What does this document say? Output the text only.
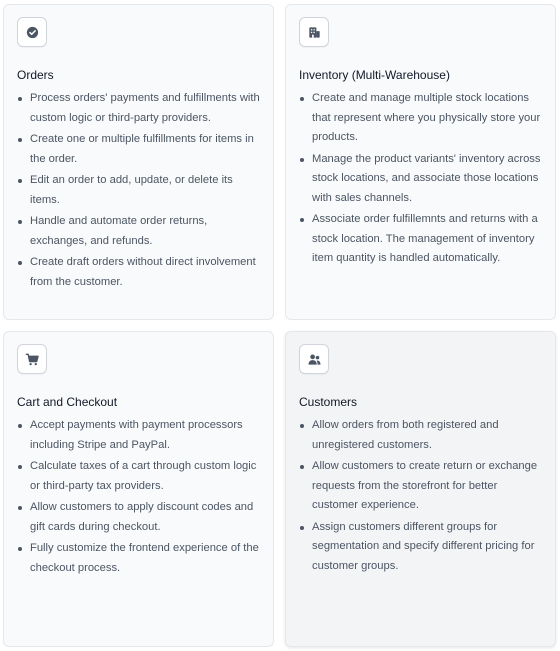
Orders
Process orders' payments and fulfillments with custom logic or third-party providers.
Create one or multiple fulfillments for items in the order.
Edit an order to add, update, or delete its items.
Handle and automate order returns, exchanges, and refunds.
Create draft orders without direct involvement from the customer.
Inventory (Multi-Warehouse)
Create and manage multiple stock locations that represent where you physically store your products.
Manage the product variants' inventory across stock locations, and associate those locations with sales channels.
Associate order fulfillemnts and returns with a stock location. The management of inventory item quantity is handled automatically.
Cart and Checkout
Accept payments with payment processors including Stripe and PayPal.
Calculate taxes of a cart through custom logic or third-party tax providers.
Allow customers to apply discount codes and gift cards during checkout.
Fully customize the frontend experience of the checkout process.
Customers
Allow orders from both registered and unregistered customers.
Allow customers to create return or exchange requests from the storefront for better customer experience.
Assign customers different groups for segmentation and specify different pricing for customer groups.
